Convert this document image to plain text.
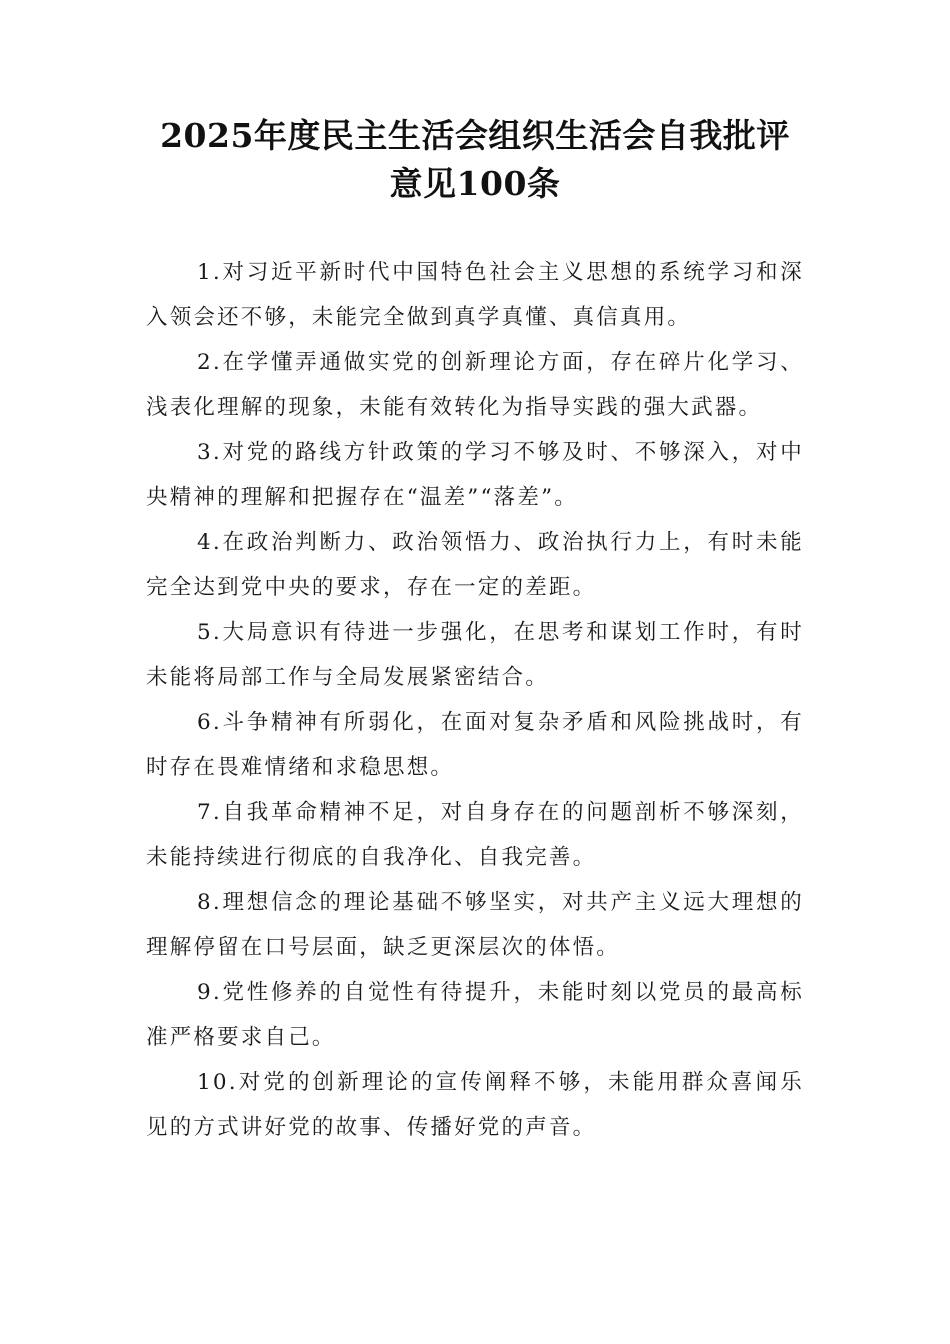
2025年度民主生活会组织生活会自我批评
意见100条

1.对习近平新时代中国特色社会主义思想的系统学习和深入领会还不够，未能完全做到真学真懂、真信真用。

2.在学懂弄通做实党的创新理论方面，存在碎片化学习、浅表化理解的现象，未能有效转化为指导实践的强大武器。

3.对党的路线方针政策的学习不够及时、不够深入，对中央精神的理解和把握存在“温差”“落差”。

4.在政治判断力、政治领悟力、政治执行力上，有时未能完全达到党中央的要求，存在一定的差距。

5.大局意识有待进一步强化，在思考和谋划工作时，有时未能将局部工作与全局发展紧密结合。

6.斗争精神有所弱化，在面对复杂矛盾和风险挑战时，有时存在畏难情绪和求稳思想。

7.自我革命精神不足，对自身存在的问题剖析不够深刻，未能持续进行彻底的自我净化、自我完善。

8.理想信念的理论基础不够坚实，对共产主义远大理想的理解停留在口号层面，缺乏更深层次的体悟。

9.党性修养的自觉性有待提升，未能时刻以党员的最高标准严格要求自己。

10.对党的创新理论的宣传阐释不够，未能用群众喜闻乐见的方式讲好党的故事、传播好党的声音。
